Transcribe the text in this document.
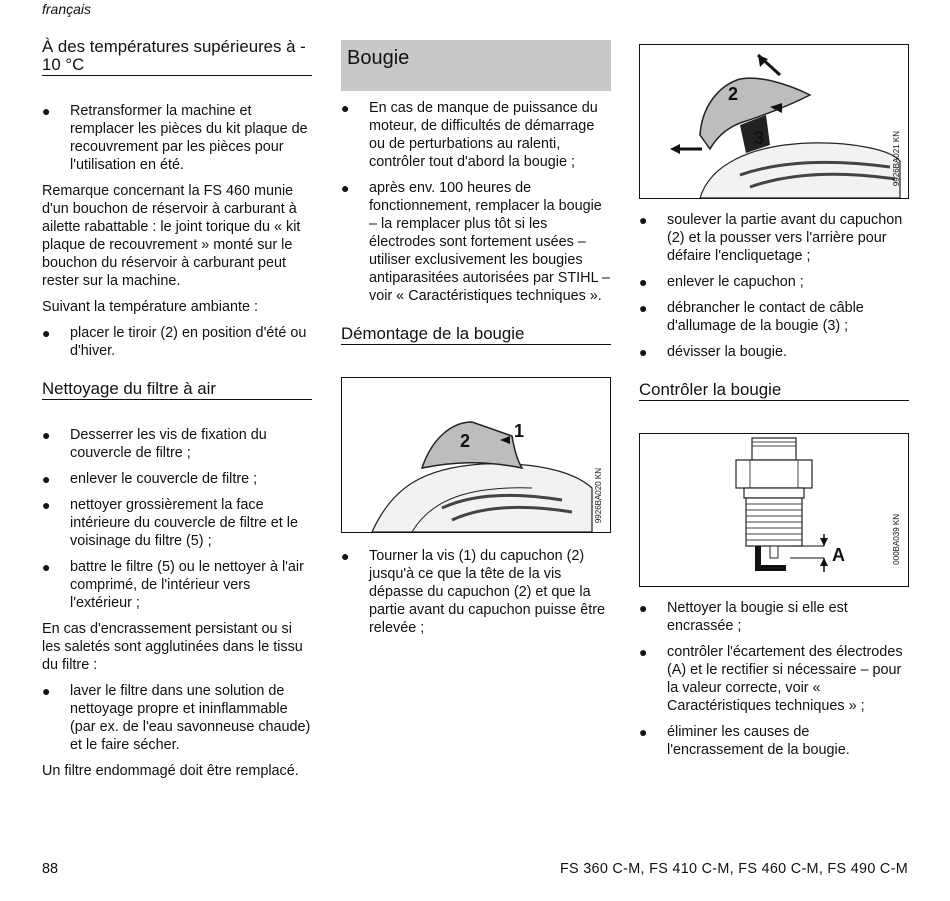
français
À des températures supérieures à - 10 °C
● Retransformer la machine et remplacer les pièces du kit plaque de recouvrement par les pièces pour l'utilisation en été.

Remarque concernant la FS 460 munie d'un bouchon de réservoir à carburant à ailette rabattable : le joint torique du « kit plaque de recouvrement » monté sur le bouchon du réservoir à carburant peut rester sur la machine.

Suivant la température ambiante :

● placer le tiroir (2) en position d'été ou d'hiver.
Nettoyage du filtre à air
● Desserrer les vis de fixation du couvercle de filtre ;
● enlever le couvercle de filtre ;
● nettoyer grossièrement la face intérieure du couvercle de filtre et le voisinage du filtre (5) ;
● battre le filtre (5) ou le nettoyer à l'air comprimé, de l'intérieur vers l'extérieur ;

En cas d'encrassement persistant ou si les saletés sont agglutinées dans le tissu du filtre :

● laver le filtre dans une solution de nettoyage propre et ininflammable (par ex. de l'eau savonneuse chaude) et le faire sécher.

Un filtre endommagé doit être remplacé.

Bougie
● En cas de manque de puissance du moteur, de difficultés de démarrage ou de perturbations au ralenti, contrôler tout d'abord la bougie ;
● après env. 100 heures de fonctionnement, remplacer la bougie – la remplacer plus tôt si les électrodes sont fortement usées – utiliser exclusivement les bougies antiparasitées autorisées par STIHL – voir « Caractéristiques techniques ».
Démontage de la bougie
2 1
9926BA020 KN
● Tourner la vis (1) du capuchon (2) jusqu'à ce que la tête de la vis dépasse du capuchon (2) et que la partie avant du capuchon puisse être relevée ;
2
3	9926BA021 KN
● soulever la partie avant du capuchon (2) et la pousser vers l'arrière pour défaire l'encliquetage ;
● enlever le capuchon ;
● débrancher le contact de câble d'allumage de la bougie (3) ;
● dévisser la bougie.
Contrôler la bougie
A	000BA039 KN
● Nettoyer la bougie si elle est encrassée ;
● contrôler l'écartement des électrodes (A) et le rectifier si nécessaire – pour la valeur correcte, voir « Caractéristiques techniques » ;
● éliminer les causes de l'encrassement de la bougie.
88	FS 360 C-M, FS 410 C-M, FS 460 C-M, FS 490 C-M
